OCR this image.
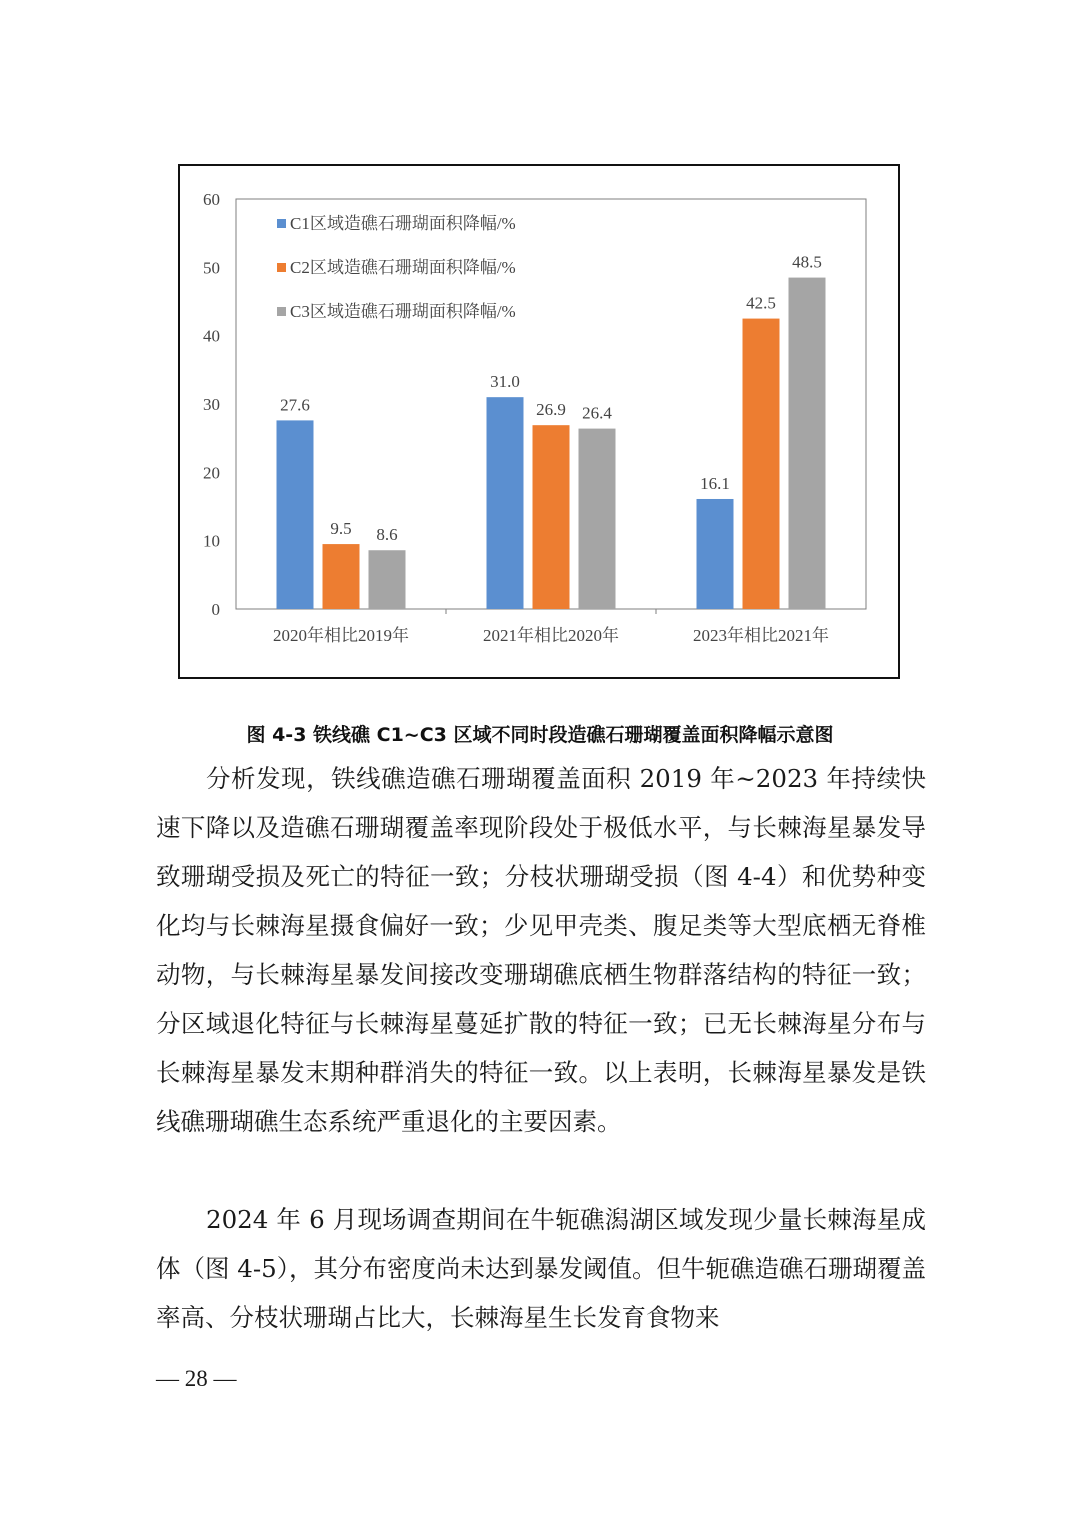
0
10
20
30
40
50
60
27.6
9.5 8.6
2020年相比2019年
31.0
26.9 26.4
2021年相比2020年
16.1
42.5
48.5
2023年相比2021年
C1区域造礁石珊瑚面积降幅/%
C2区域造礁石珊瑚面积降幅/%
C3区域造礁石珊瑚面积降幅/%
图 4-3 铁线礁 C1~C3 区域不同时段造礁石珊瑚覆盖面积降幅示意图

分析发现，铁线礁造礁石珊瑚覆盖面积 2019 年~2023 年持续快速下降以及造礁石珊瑚覆盖率现阶段处于极低水平，与长棘海星暴发导致珊瑚受损及死亡的特征一致；分枝状珊瑚受损（图 4-4）和优势种变化均与长棘海星摄食偏好一致；少见甲壳类、腹足类等大型底栖无脊椎动物，与长棘海星暴发间接改变珊瑚礁底栖生物群落结构的特征一致；分区域退化特征与长棘海星蔓延扩散的特征一致；已无长棘海星分布与长棘海星暴发末期种群消失的特征一致。以上表明，长棘海星暴发是铁线礁珊瑚礁生态系统严重退化的主要因素。

2024 年 6 月现场调查期间在牛轭礁潟湖区域发现少量长棘海星成体（图 4-5），其分布密度尚未达到暴发阈值。但牛轭礁造礁石珊瑚覆盖率高、分枝状珊瑚占比大，长棘海星生长发育食物来

— 28 —
